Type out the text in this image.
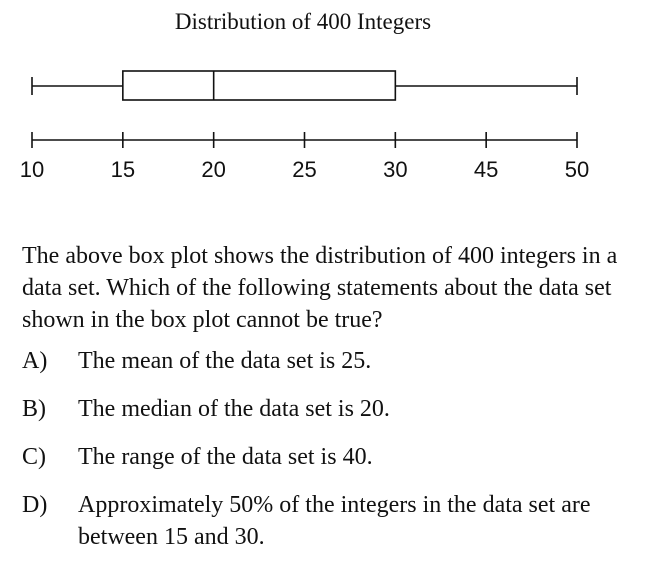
Distribution of 400 Integers
10	15	20	25	30	45	50

The above box plot shows the distribution of 400 integers in a data set. Which of the following statements about the data set shown in the box plot cannot be true?

A)	The mean of the data set is 25.
B)	The median of the data set is 20.
C)	The range of the data set is 40.
D)	Approximately 50% of the integers in the data set are between 15 and 30.
